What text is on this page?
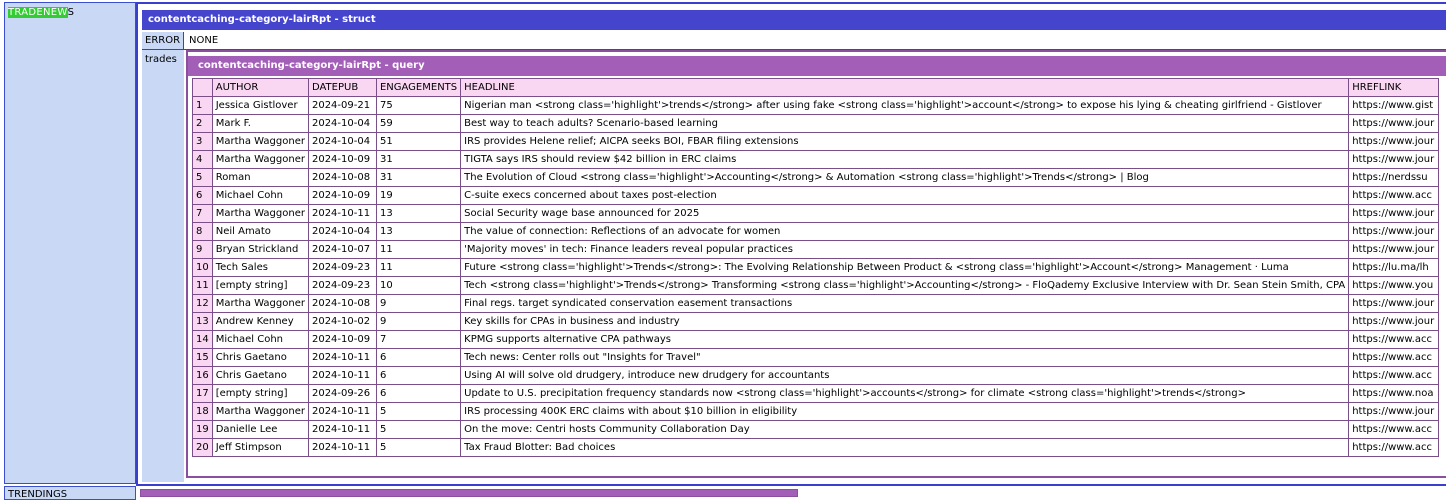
TRADENEWS
TRENDINGS
contentcaching-category-lairRpt - struct
ERROR NONE
trades
contentcaching-category-lairRpt - query
	AUTHOR	DATEPUB	ENGAGEMENTS	HEADLINE	HREFLINK
1	Jessica Gistlover	2024-09-21	75	Nigerian man <strong class='highlight'>trends</strong> after using fake <strong class='highlight'>account</strong> to expose his lying & cheating girlfriend - Gistlover	https://www.gist
2	Mark F.	2024-10-04	59	Best way to teach adults? Scenario-based learning	https://www.jour
3	Martha Waggoner	2024-10-04	51	IRS provides Helene relief; AICPA seeks BOI, FBAR filing extensions	https://www.jour
4	Martha Waggoner	2024-10-09	31	TIGTA says IRS should review $42 billion in ERC claims	https://www.jour
5	Roman	2024-10-08	31	The Evolution of Cloud <strong class='highlight'>Accounting</strong> & Automation <strong class='highlight'>Trends</strong> | Blog	https://nerdssu
6	Michael Cohn	2024-10-09	19	C-suite execs concerned about taxes post-election	https://www.acc
7	Martha Waggoner	2024-10-11	13	Social Security wage base announced for 2025	https://www.jour
8	Neil Amato	2024-10-04	13	The value of connection: Reflections of an advocate for women	https://www.jour
9	Bryan Strickland	2024-10-07	11	'Majority moves' in tech: Finance leaders reveal popular practices	https://www.jour
10	Tech Sales	2024-09-23	11	Future <strong class='highlight'>Trends</strong>: The Evolving Relationship Between Product & <strong class='highlight'>Account</strong> Management · Luma	https://lu.ma/lh
11	[empty string]	2024-09-23	10	Tech <strong class='highlight'>Trends</strong> Transforming <strong class='highlight'>Accounting</strong> - FloQademy Exclusive Interview with Dr. Sean Stein Smith, CPA	https://www.you
12	Martha Waggoner	2024-10-08	9	Final regs. target syndicated conservation easement transactions	https://www.jour
13	Andrew Kenney	2024-10-02	9	Key skills for CPAs in business and industry	https://www.jour
14	Michael Cohn	2024-10-09	7	KPMG supports alternative CPA pathways	https://www.acc
15	Chris Gaetano	2024-10-11	6	Tech news: Center rolls out "Insights for Travel"	https://www.acc
16	Chris Gaetano	2024-10-11	6	Using AI will solve old drudgery, introduce new drudgery for accountants	https://www.acc
17	[empty string]	2024-09-26	6	Update to U.S. precipitation frequency standards now <strong class='highlight'>accounts</strong> for climate <strong class='highlight'>trends</strong>	https://www.noa
18	Martha Waggoner	2024-10-11	5	IRS processing 400K ERC claims with about $10 billion in eligibility	https://www.jour
19	Danielle Lee	2024-10-11	5	On the move: Centri hosts Community Collaboration Day	https://www.acc
20	Jeff Stimpson	2024-10-11	5	Tax Fraud Blotter: Bad choices	https://www.acc
